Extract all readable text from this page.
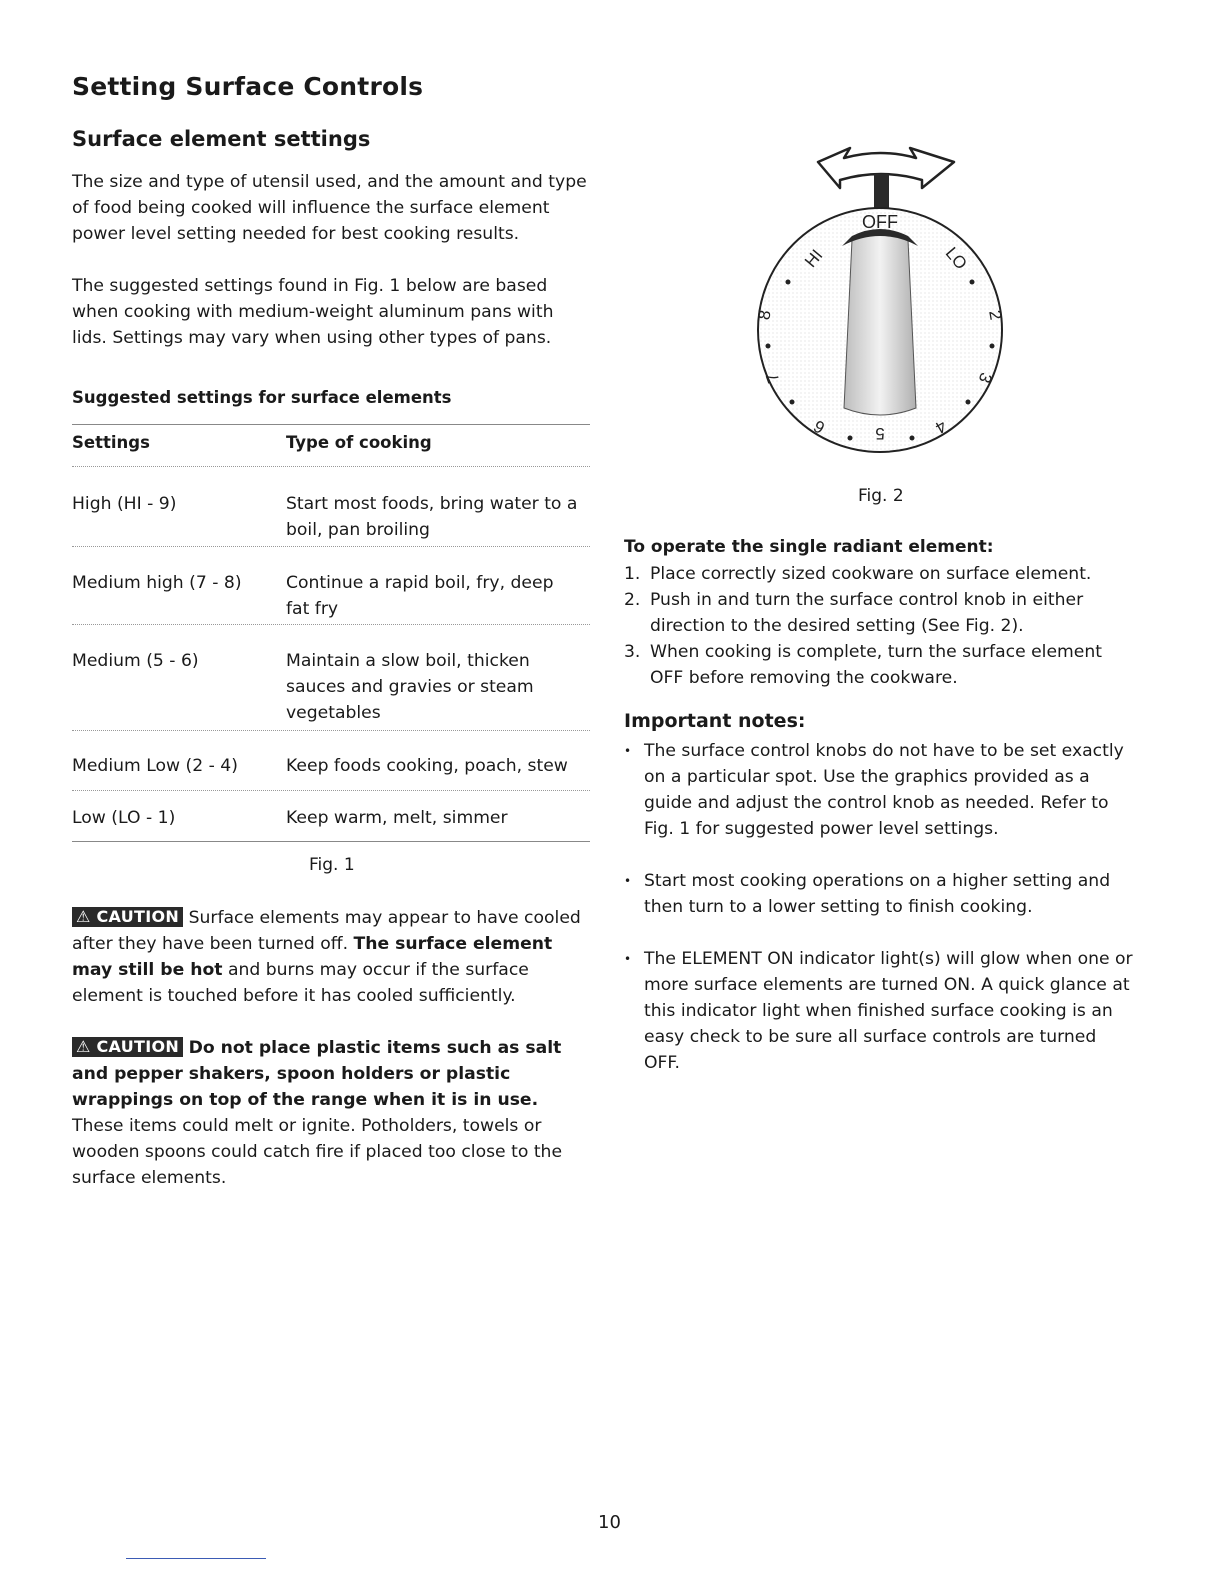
Setting Surface Controls
Surface element settings

The size and type of utensil used, and the amount and type of food being cooked will influence the surface element power level setting needed for best cooking results.

The suggested settings found in Fig. 1 below are based when cooking with medium-weight aluminum pans with lids. Settings may vary when using other types of pans.

Suggested settings for surface elements
Settings	Type of cooking
High (HI - 9)	Start most foods, bring water to a boil, pan broiling
Medium high (7 - 8)	Continue a rapid boil, fry, deep fat fry
Medium (5 - 6)	Maintain a slow boil, thicken sauces and gravies or steam vegetables
Medium Low (2 - 4)	Keep foods cooking, poach, stew
Low (LO - 1)	Keep warm, melt, simmer
Fig. 1

⚠ CAUTION Surface elements may appear to have cooled after they have been turned off. The surface element may still be hot and burns may occur if the surface element is touched before it has cooled sufficiently.

⚠ CAUTION Do not place plastic items such as salt and pepper shakers, spoon holders or plastic wrappings on top of the range when it is in use. These items could melt or ignite. Potholders, towels or wooden spoons could catch fire if placed too close to the surface elements.

OFF
HI	LO
8
7
6	5	4
3
2
Fig. 2
To operate the single radiant element:
1. Place correctly sized cookware on surface element.
2. Push in and turn the surface control knob in either direction to the desired setting (See Fig. 2).
3. When cooking is complete, turn the surface element OFF before removing the cookware.
Important notes:
• The surface control knobs do not have to be set exactly on a particular spot. Use the graphics provided as a guide and adjust the control knob as needed. Refer to Fig. 1 for suggested power level settings.
• Start most cooking operations on a higher setting and then turn to a lower setting to finish cooking.
• The ELEMENT ON indicator light(s) will glow when one or more surface elements are turned ON. A quick glance at this indicator light when finished surface cooking is an easy check to be sure all surface controls are turned OFF.
10
